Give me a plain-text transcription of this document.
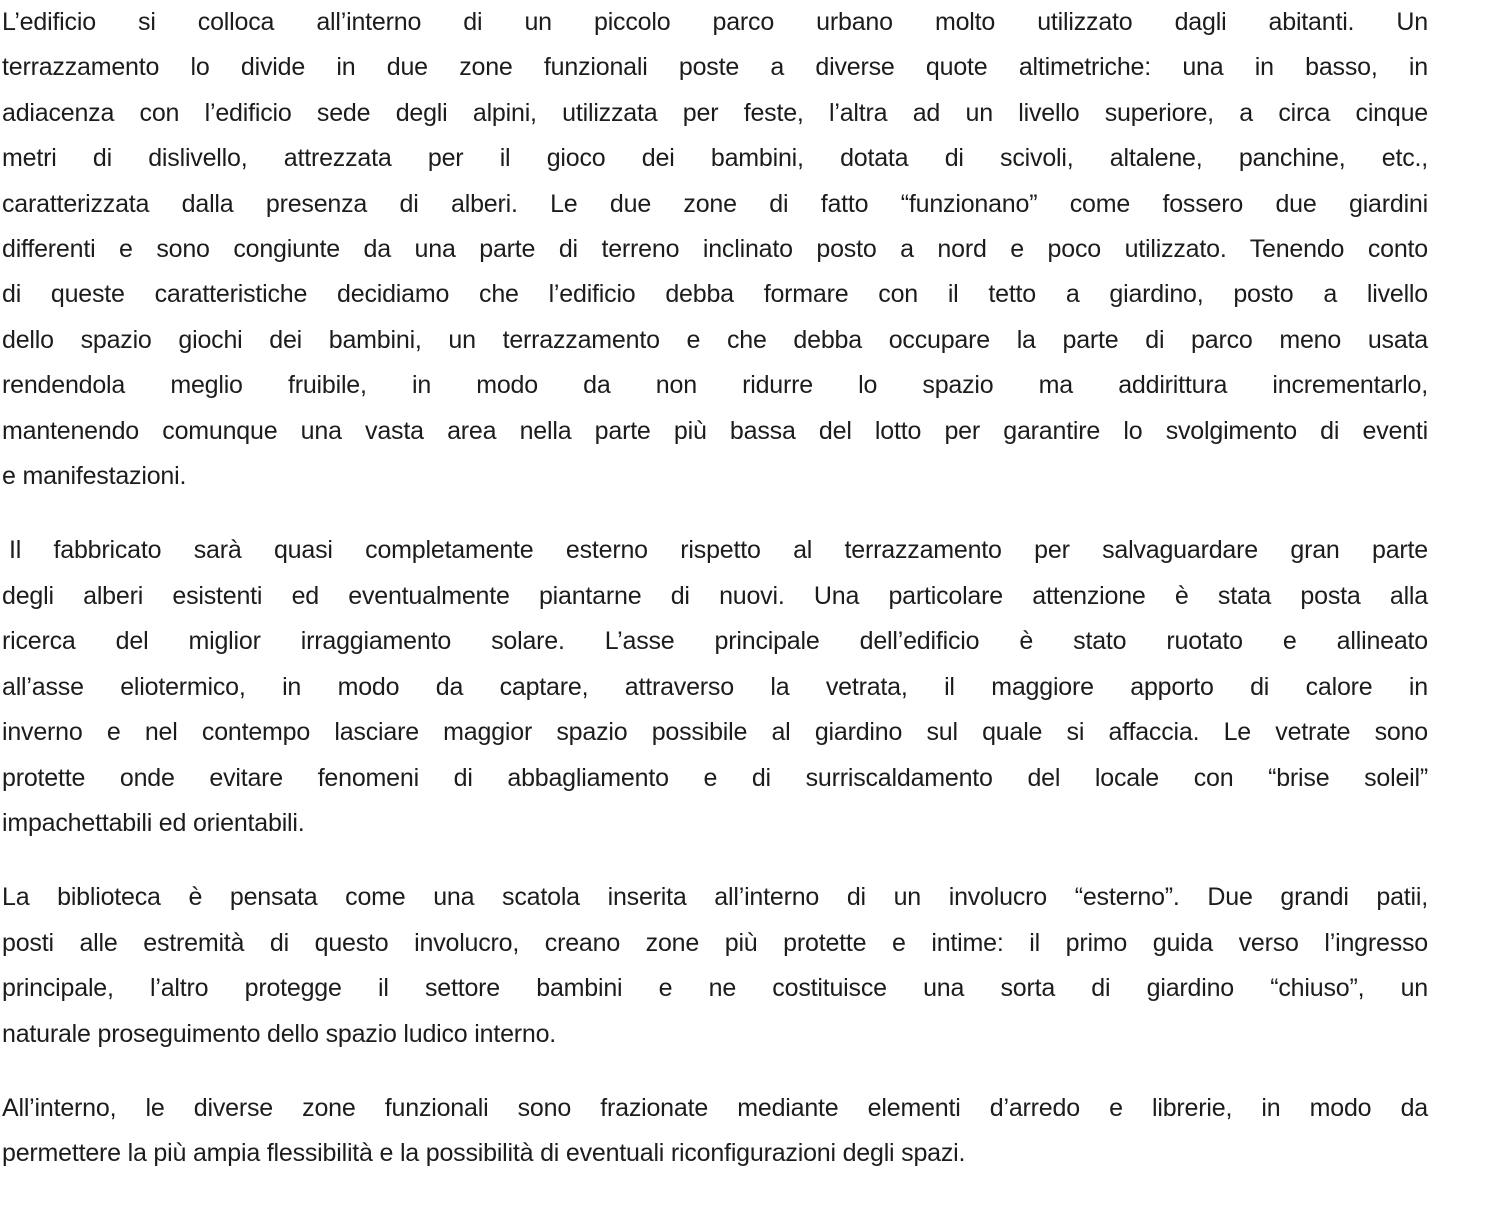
L’edificio si colloca all’interno di un piccolo parco urbano molto utilizzato dagli abitanti. Un
terrazzamento lo divide in due zone funzionali poste a diverse quote altimetriche: una in basso, in
adiacenza con l’edificio sede degli alpini, utilizzata per feste, l’altra ad un livello superiore, a circa cinque
metri di dislivello, attrezzata per il gioco dei bambini, dotata di scivoli, altalene, panchine, etc.,
caratterizzata dalla presenza di alberi. Le due zone di fatto “funzionano” come fossero due giardini
differenti e sono congiunte da una parte di terreno inclinato posto a nord e poco utilizzato. Tenendo conto
di queste caratteristiche decidiamo che l’edificio debba formare con il tetto a giardino, posto a livello
dello spazio giochi dei bambini, un terrazzamento e che debba occupare la parte di parco meno usata
rendendola meglio fruibile, in modo da non ridurre lo spazio ma addirittura incrementarlo,
mantenendo comunque una vasta area nella parte più bassa del lotto per garantire lo svolgimento di eventi
e manifestazioni.

Il fabbricato sarà quasi completamente esterno rispetto al terrazzamento per salvaguardare gran parte
degli alberi esistenti ed eventualmente piantarne di nuovi. Una particolare attenzione è stata posta alla
ricerca del miglior irraggiamento solare. L’asse principale dell’edificio è stato ruotato e allineato
all’asse eliotermico, in modo da captare, attraverso la vetrata, il maggiore apporto di calore in
inverno e nel contempo lasciare maggior spazio possibile al giardino sul quale si affaccia. Le vetrate sono
protette onde evitare fenomeni di abbagliamento e di surriscaldamento del locale con “brise soleil”
impachettabili ed orientabili.

La biblioteca è pensata come una scatola inserita all’interno di un involucro “esterno”. Due grandi patii,
posti alle estremità di questo involucro, creano zone più protette e intime: il primo guida verso l’ingresso
principale, l’altro protegge il settore bambini e ne costituisce una sorta di giardino “chiuso”, un
naturale proseguimento dello spazio ludico interno.

All’interno, le diverse zone funzionali sono frazionate mediante elementi d’arredo e librerie, in modo da
permettere la più ampia flessibilità e la possibilità di eventuali riconfigurazioni degli spazi.
